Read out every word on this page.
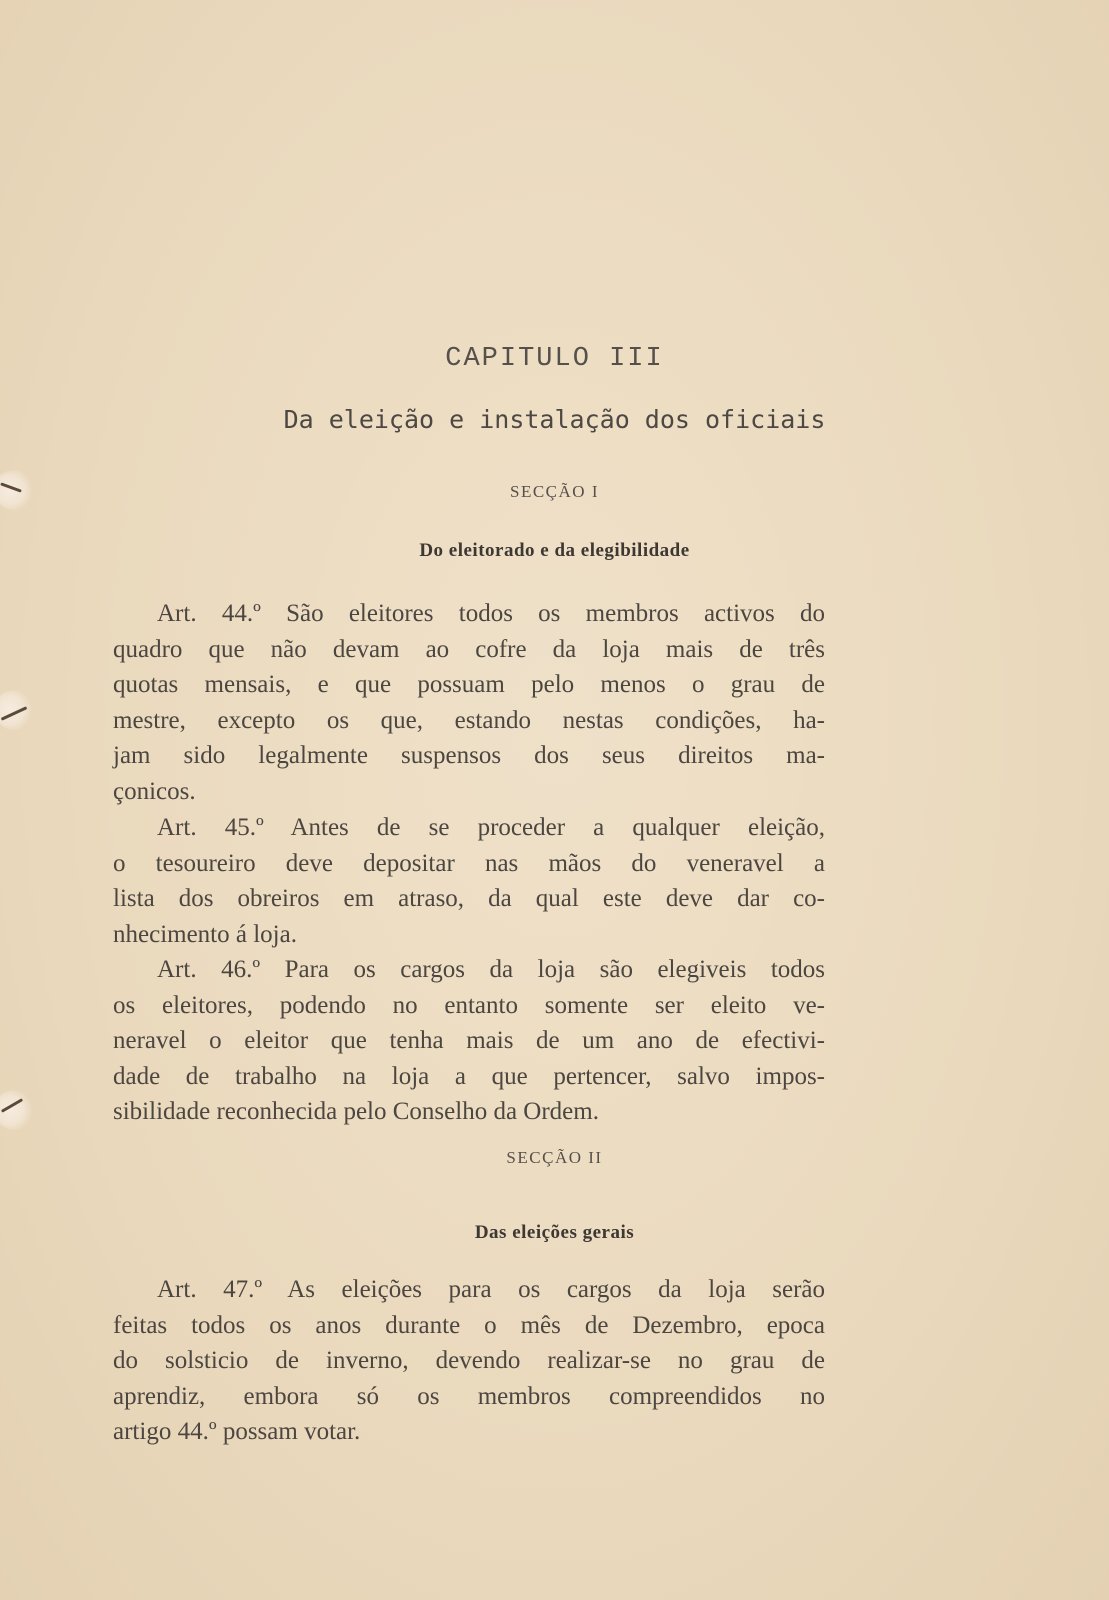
CAPITULO III
Da eleição e instalação dos oficiais
SECÇÃO I
Do eleitorado e da elegibilidade
Art. 44.º São eleitores todos os membros activos do
quadro que não devam ao cofre da loja mais de três
quotas mensais, e que possuam pelo menos o grau de
mestre, excepto os que, estando nestas condições, ha-
jam sido legalmente suspensos dos seus direitos ma-
çonicos.
Art. 45.º Antes de se proceder a qualquer eleição,
o tesoureiro deve depositar nas mãos do veneravel a
lista dos obreiros em atraso, da qual este deve dar co-
nhecimento á loja.
Art. 46.º Para os cargos da loja são elegiveis todos
os eleitores, podendo no entanto somente ser eleito ve-
neravel o eleitor que tenha mais de um ano de efectivi-
dade de trabalho na loja a que pertencer, salvo impos-
sibilidade reconhecida pelo Conselho da Ordem.
SECÇÃO II
Das eleições gerais
Art. 47.º As eleições para os cargos da loja serão
feitas todos os anos durante o mês de Dezembro, epoca
do solsticio de inverno, devendo realizar-se no grau de
aprendiz, embora só os membros compreendidos no
artigo 44.º possam votar.
